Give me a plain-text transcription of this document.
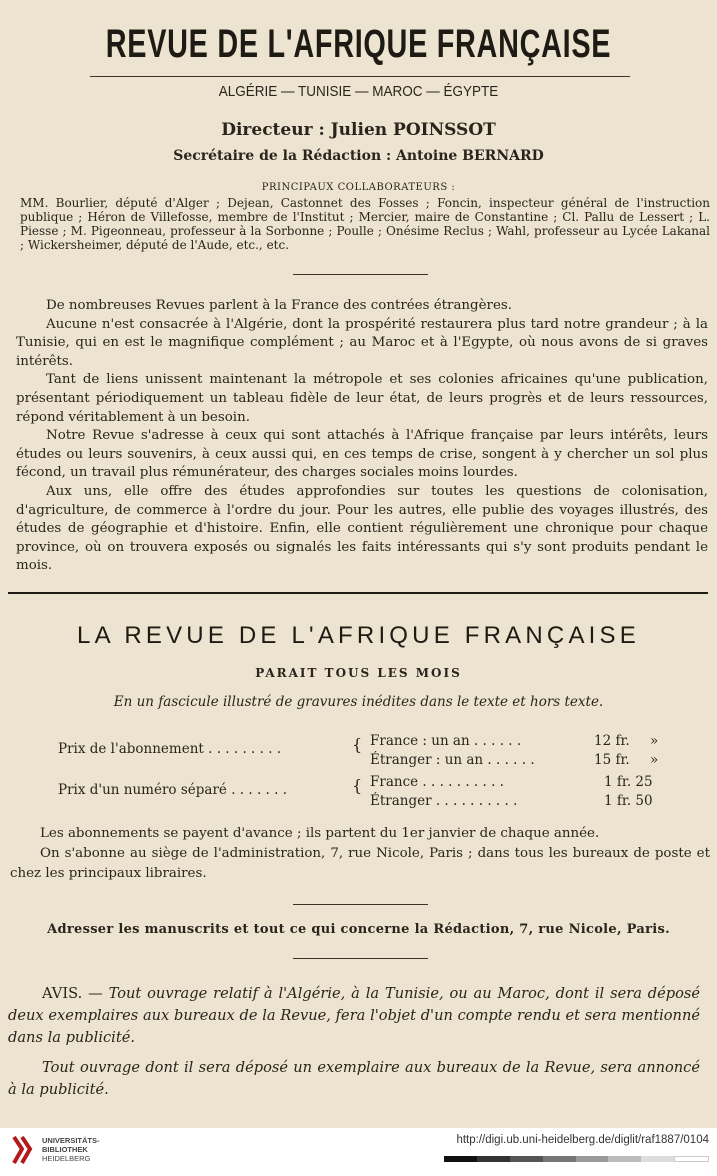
REVUE DE L'AFRIQUE FRANÇAISE
ALGÉRIE — TUNISIE — MAROC — ÉGYPTE
Directeur : Julien POINSSOT
Secrétaire de la Rédaction : Antoine BERNARD
PRINCIPAUX COLLABORATEURS :
MM. Bourlier, député d'Alger ; Dejean, Castonnet des Fosses ; Foncin, inspecteur général de l'instruction publique ; Héron de Villefosse, membre de l'Institut ; Mercier, maire de Constantine ; Cl. Pallu de Lessert ; L. Piesse ; M. Pigeonneau, professeur à la Sorbonne ; Poulle ; Onésime Reclus ; Wahl, professeur au Lycée Lakanal ; Wickersheimer, député de l'Aude, etc., etc.

De nombreuses Revues parlent à la France des contrées étrangères.

Aucune n'est consacrée à l'Algérie, dont la prospérité restaurera plus tard notre grandeur ; à la Tunisie, qui en est le magnifique complément ; au Maroc et à l'Egypte, où nous avons de si graves intérêts.

Tant de liens unissent maintenant la métropole et ses colonies africaines qu'une publication, présentant périodiquement un tableau fidèle de leur état, de leurs progrès et de leurs ressources, répond véritablement à un besoin.

Notre Revue s'adresse à ceux qui sont attachés à l'Afrique française par leurs intérêts, leurs études ou leurs souvenirs, à ceux aussi qui, en ces temps de crise, songent à y chercher un sol plus fécond, un travail plus rémunérateur, des charges sociales moins lourdes.

Aux uns, elle offre des études approfondies sur toutes les questions de colonisation, d'agriculture, de commerce à l'ordre du jour. Pour les autres, elle publie des voyages illustrés, des études de géographie et d'histoire. Enfin, elle contient régulièrement une chronique pour chaque province, où on trouvera exposés ou signalés les faits intéressants qui s'y sont produits pendant le mois.

LA REVUE DE L'AFRIQUE FRANÇAISE
PARAIT TOUS LES MOIS
En un fascicule illustré de gravures inédites dans le texte et hors texte.
Prix de l'abonnement . . . . . . . . .	{ France : un an . . . . . .	12 fr. »
Étranger : un an . . . . . .	15 fr. »
Prix d'un numéro séparé . . . . . . .	{ France . . . . . . . . . .	1 fr. 25
Étranger . . . . . . . . . .	1 fr. 50

Les abonnements se payent d'avance ; ils partent du 1er janvier de chaque année.

On s'abonne au siège de l'administration, 7, rue Nicole, Paris ; dans tous les bureaux de poste et chez les principaux libraires.

Adresser les manuscrits et tout ce qui concerne la Rédaction, 7, rue Nicole, Paris.

AVIS. — Tout ouvrage relatif à l'Algérie, à la Tunisie, ou au Maroc, dont il sera déposé deux exemplaires aux bureaux de la Revue, fera l'objet d'un compte rendu et sera mentionné dans la publicité.

Tout ouvrage dont il sera déposé un exemplaire aux bureaux de la Revue, sera annoncé à la publicité.

UNIVERSITÄTS-
BIBLIOTHEK
HEIDELBERG
http://digi.ub.uni-heidelberg.de/diglit/raf1887/0104
